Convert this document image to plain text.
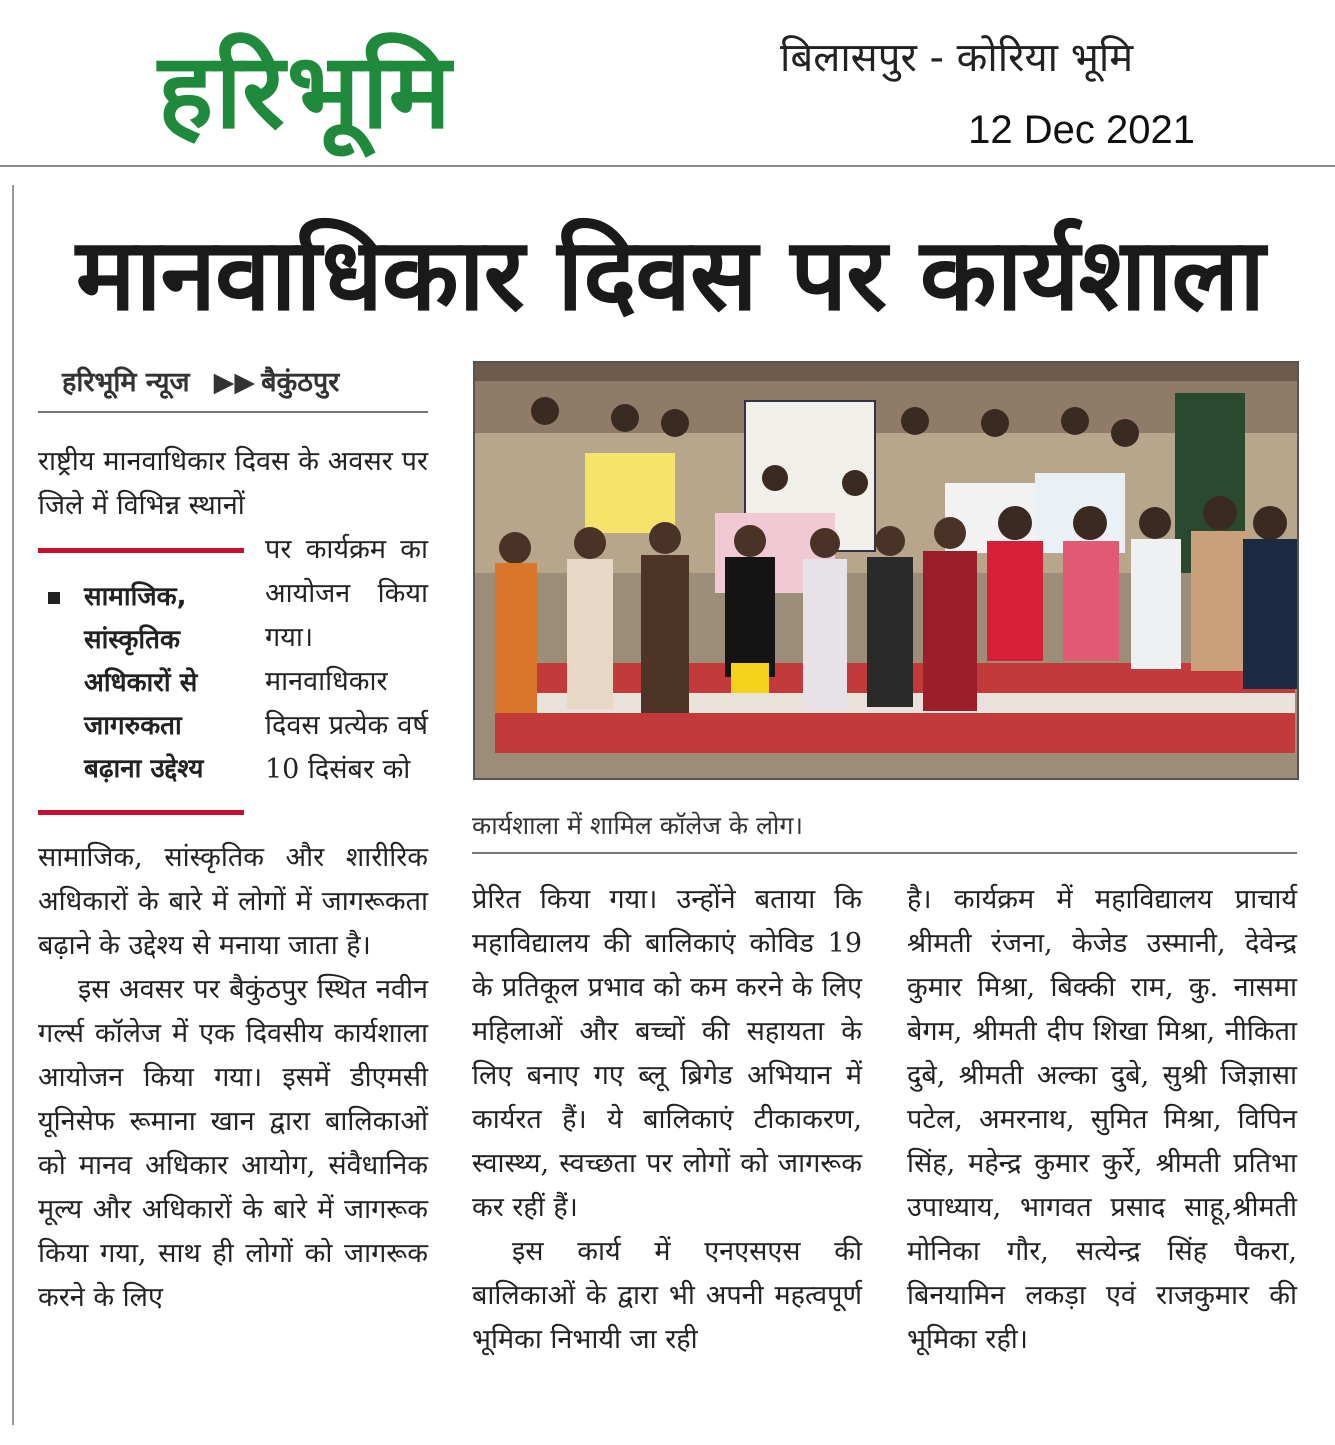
हरिभूमि	बिलासपुर - कोरिया भूमि
12 Dec 2021
मानवाधिकार दिवस पर कार्यशाला
हरिभूमि न्यूज ▶▶ बैकुंठपुर

राष्ट्रीय मानवाधिकार दिवस के अवसर पर जिले में विभिन्न स्थानों

सामाजिक, सांस्कृतिक अधिकारों से जागरुकता बढ़ाना उद्देश्य

पर कार्यक्रम का आयोजन किया गया। मानवाधिकार दिवस प्रत्येक वर्ष 10 दिसंबर को

सामाजिक, सांस्कृतिक और शारीरिक अधिकारों के बारे में लोगों में जागरूकता बढ़ाने के उद्देश्य से मनाया जाता है।

इस अवसर पर बैकुंठपुर स्थित नवीन गर्ल्स कॉलेज में एक दिवसीय कार्यशाला आयोजन किया गया। इसमें डीएमसी यूनिसेफ रूमाना खान द्वारा बालिकाओं को मानव अधिकार आयोग, संवैधानिक मूल्य और अधिकारों के बारे में जागरूक किया गया, साथ ही लोगों को जागरूक करने के लिए

कार्यशाला में शामिल कॉलेज के लोग।

प्रेरित किया गया। उन्होंने बताया कि महाविद्यालय की बालिकाएं कोविड 19 के प्रतिकूल प्रभाव को कम करने के लिए महिलाओं और बच्चों की सहायता के लिए बनाए गए ब्लू ब्रिगेड अभियान में कार्यरत हैं। ये बालिकाएं टीकाकरण, स्वास्थ्य, स्वच्छता पर लोगों को जागरूक कर रहीं हैं।

इस कार्य में एनएसएस की बालिकाओं के द्वारा भी अपनी महत्वपूर्ण भूमिका निभायी जा रही

है। कार्यक्रम में महाविद्यालय प्राचार्य श्रीमती रंजना, केजेड उस्मानी, देवेन्द्र कुमार मिश्रा, बिक्की राम, कु. नासमा बेगम, श्रीमती दीप शिखा मिश्रा, नीकिता दुबे, श्रीमती अल्का दुबे, सुश्री जिज्ञासा पटेल, अमरनाथ, सुमित मिश्रा, विपिन सिंह, महेन्द्र कुमार कुर्रे, श्रीमती प्रतिभा उपाध्याय, भागवत प्रसाद साहू,श्रीमती मोनिका गौर, सत्येन्द्र सिंह पैकरा, बिनयामिन लकड़ा एवं राजकुमार की भूमिका रही।
